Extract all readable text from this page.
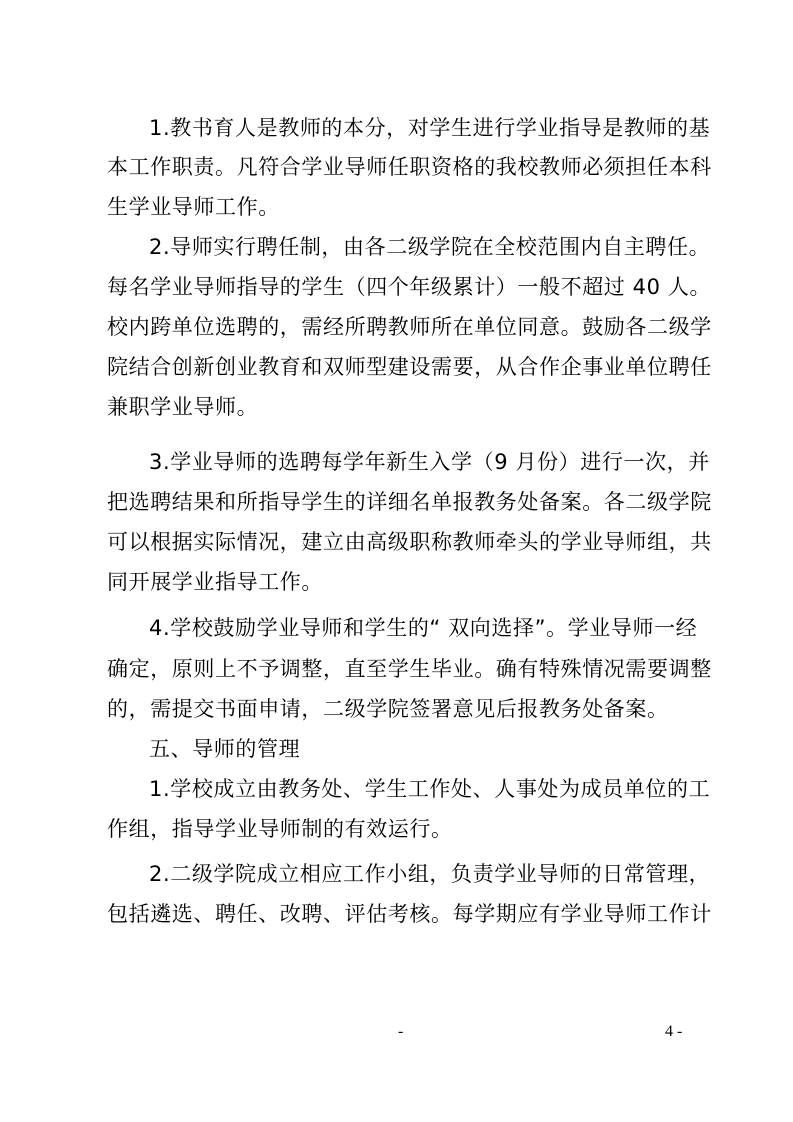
1.教书育人是教师的本分，对学生进行学业指导是教师的基
本工作职责。凡符合学业导师任职资格的我校教师必须担任本科
生学业导师工作。
2.导师实行聘任制，由各二级学院在全校范围内自主聘任。
每名学业导师指导的学生（四个年级累计）一般不超过 40 人。
校内跨单位选聘的，需经所聘教师所在单位同意。鼓励各二级学
院结合创新创业教育和双师型建设需要，从合作企事业单位聘任
兼职学业导师。
3.学业导师的选聘每学年新生入学（9 月份）进行一次，并
把选聘结果和所指导学生的详细名单报教务处备案。各二级学院
可以根据实际情况，建立由高级职称教师牵头的学业导师组，共
同开展学业指导工作。
4.学校鼓励学业导师和学生的“ 双向选择”。学业导师一经
确定，原则上不予调整，直至学生毕业。确有特殊情况需要调整
的，需提交书面申请，二级学院签署意见后报教务处备案。
五、导师的管理
1.学校成立由教务处、学生工作处、人事处为成员单位的工
作组，指导学业导师制的有效运行。
2.二级学院成立相应工作小组，负责学业导师的日常管理，
包括遴选、聘任、改聘、评估考核。每学期应有学业导师工作计
-	4 -
